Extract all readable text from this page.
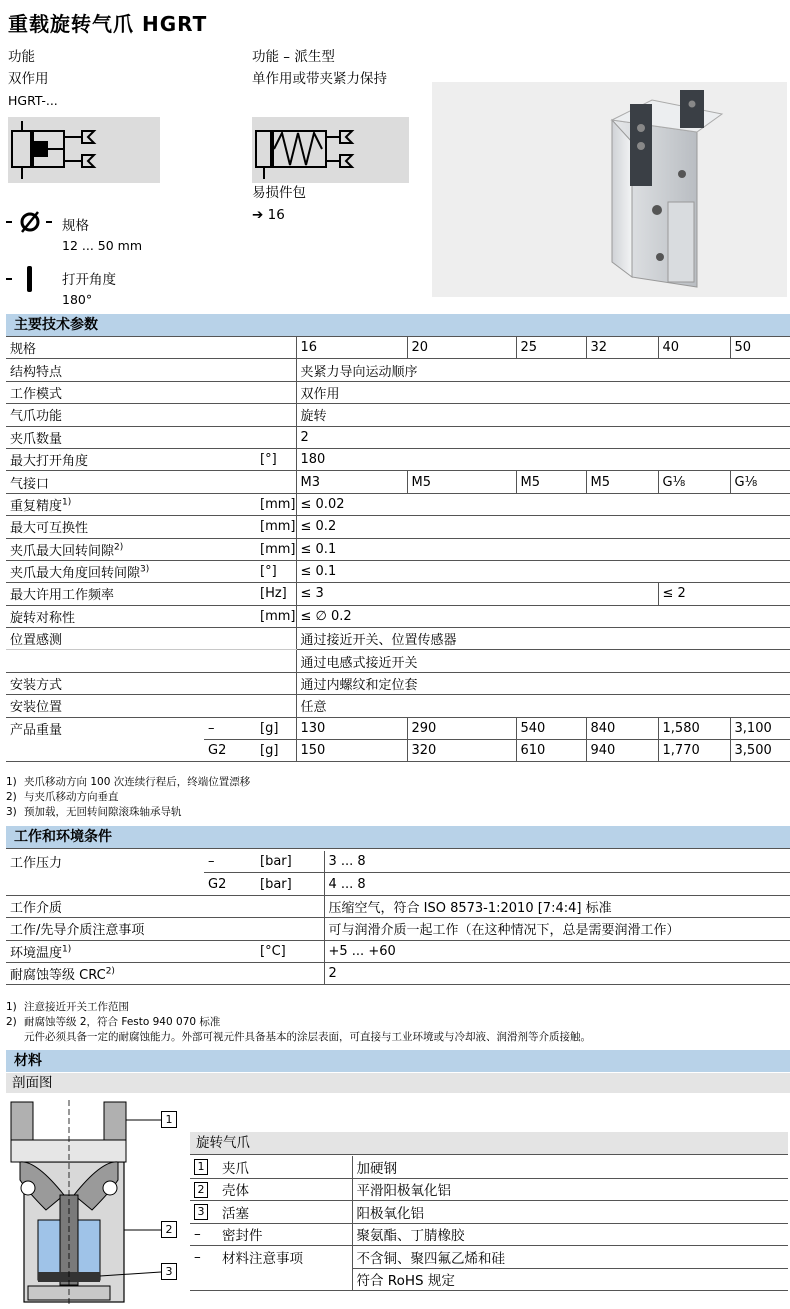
重载旋转气爪 HGRT
功能
双作用
HGRT-...
功能 – 派生型
单作用或带夹紧力保持
易损件包
➔ 16
规格
12 ... 50 mm
打开角度
180°
主要技术参数
规格			16	20	25	32	40	50
结构特点			夹紧力导向运动顺序					
工作模式			双作用					
气爪功能			旋转					
夹爪数量			2					
最大打开角度		[°]	180					
气接口			M3	M5	M5	M5	G⅛	G⅛
重复精度$^{1)}$		[mm]	≤ 0.02					
最大可互换性		[mm]	≤ 0.2					
夹爪最大回转间隙$^{2)}$		[mm]	≤ 0.1					
夹爪最大角度回转间隙$^{3)}$		[°]	≤ 0.1					
最大许用工作频率		[Hz]	≤ 3				≤ 2	
旋转对称性		[mm]	≤ ∅ 0.2					
位置感测			通过接近开关、位置传感器					
			通过电感式接近开关					
安装方式			通过内螺纹和定位套					
安装位置			任意					
产品重量	–	[g]	130	290	540	840	1,580	3,100
	G2	[g]	150	320	610	940	1,770	3,500
1) 夹爪移动方向 100 次连续行程后，终端位置漂移
2) 与夹爪移动方向垂直
3) 预加载，无回转间隙滚珠轴承导轨
工作和环境条件
工作压力	–	[bar]	3 ... 8
	G2	[bar]	4 ... 8
工作介质			压缩空气，符合 ISO 8573-1:2010 [7:4:4] 标准
工作/先导介质注意事项			可与润滑介质一起工作（在这种情况下，总是需要润滑工作）
环境温度$^{1)}$		[°C]	+5 ... +60
耐腐蚀等级 CRC$^{2)}$			2
1) 注意接近开关工作范围
2) 耐腐蚀等级 2，符合 Festo 940 070 标准
元件必须具备一定的耐腐蚀能力。外部可视元件具备基本的涂层表面，可直接与工业环境或与冷却液、润滑剂等介质接触。
材料
剖面图
1
2
3
旋转气爪
1	夹爪	加硬钢
2	壳体	平滑阳极氧化铝
3	活塞	阳极氧化铝
–	密封件	聚氨酯、丁腈橡胶
–	材料注意事项	不含铜、聚四氟乙烯和硅
		符合 RoHS 规定
